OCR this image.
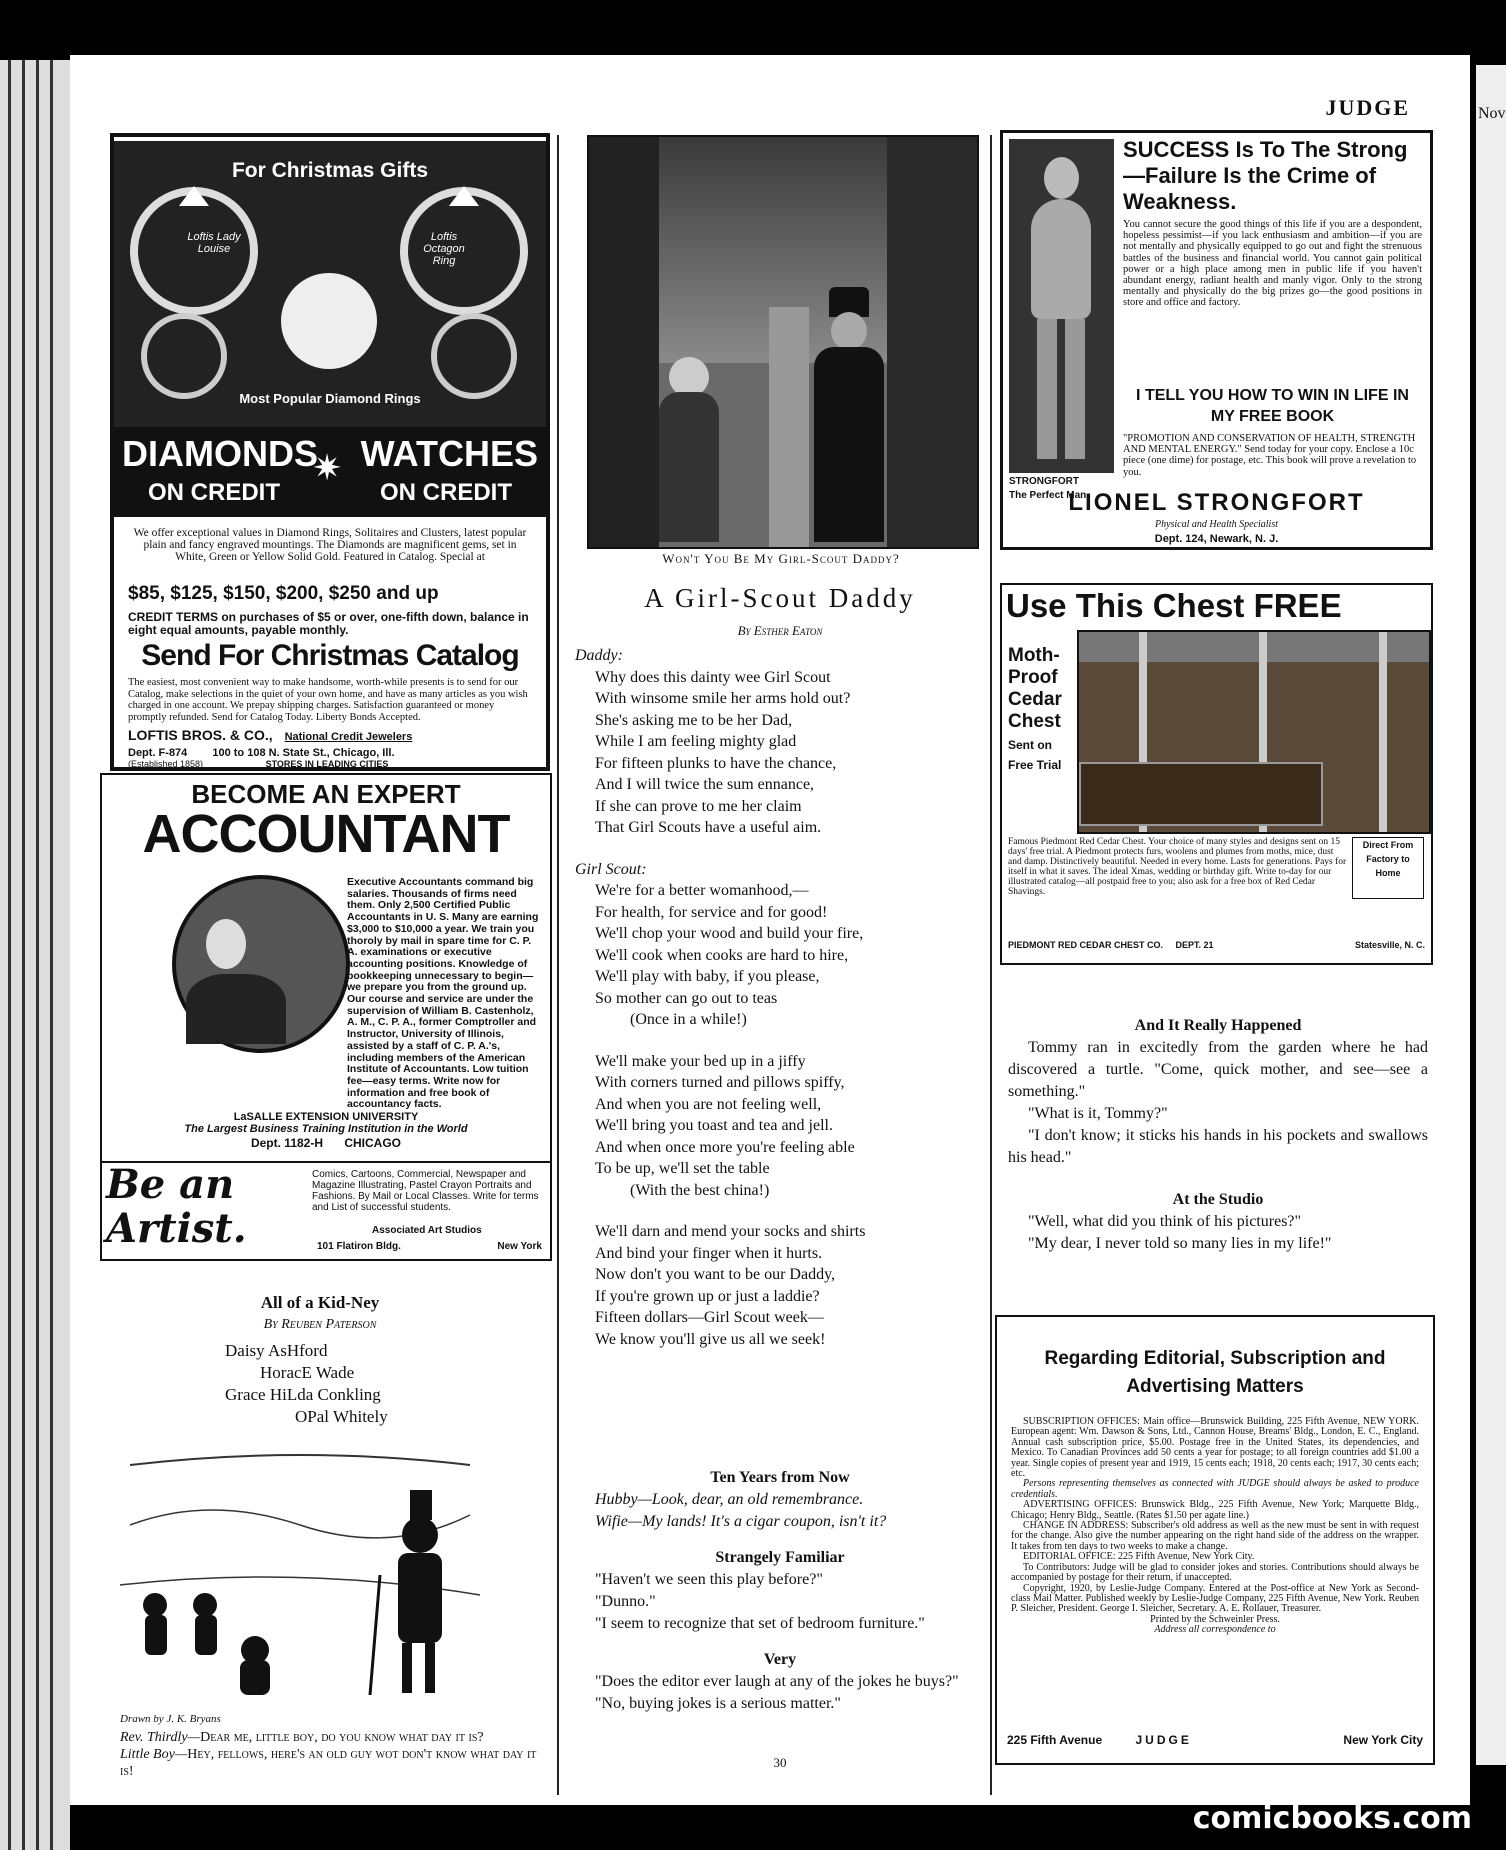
Nov
JUDGE
For Christmas Gifts
Loftis Lady Louise
Loftis Octagon Ring
Most Popular Diamond Rings
DIAMONDS WATCHES
✷
ON CREDIT	ON CREDIT
We offer exceptional values in Diamond Rings, Solitaires and Clusters, latest popular plain and fancy engraved mountings. The Diamonds are magnificent gems, set in White, Green or Yellow Solid Gold. Featured in Catalog. Special at
$85, $125, $150, $200, $250 and up
CREDIT TERMS on purchases of $5 or over, one-fifth down, balance in eight equal amounts, payable monthly.
Send For Christmas Catalog
The easiest, most convenient way to make handsome, worth-while presents is to send for our Catalog, make selections in the quiet of your own home, and have as many articles as you wish charged in one account. We prepay shipping charges. Satisfaction guaranteed or money promptly refunded. Send for Catalog Today. Liberty Bonds Accepted.
LOFTIS BROS. & CO., National Credit Jewelers
Dept. F-874 100 to 108 N. State St., Chicago, Ill.
(Established 1858)	STORES IN LEADING CITIES
BECOME AN EXPERT
ACCOUNTANT
Executive Accountants command big salaries. Thousands of firms need them. Only 2,500 Certified Public Accountants in U. S. Many are earning $3,000 to $10,000 a year. We train you thoroly by mail in spare time for C. P. A. examinations or executive accounting positions. Knowledge of bookkeeping unnecessary to begin—we prepare you from the ground up. Our course and service are under the supervision of William B. Castenholz, A. M., C. P. A., former Comptroller and Instructor, University of Illinois, assisted by a staff of C. P. A.'s, including members of the American Institute of Accountants. Low tuition fee—easy terms. Write now for information and free book of accountancy facts.
LaSALLE EXTENSION UNIVERSITY
The Largest Business Training Institution in the World
Dept. 1182-H CHICAGO
Be an Artist.
Comics, Cartoons, Commercial, Newspaper and Magazine Illustrating, Pastel Crayon Portraits and Fashions. By Mail or Local Classes. Write for terms and List of successful students.
Associated Art Studios
101 Flatiron Bldg.	New York
All of a Kid-Ney
By Reuben Paterson
Daisy AsHford
HoracE Wade
Grace HiLda Conkling
OPal Whitely
Drawn by J. K. Bryans

Rev. Thirdly—Dear me, little boy, do you know what day it is?

Little Boy—Hey, fellows, here's an old guy wot don't know what day it is!

Won't You Be My Girl-Scout Daddy?
A Girl-Scout Daddy
By Esther Eaton

Daddy:

Why does this dainty wee Girl Scout

With winsome smile her arms hold out?

She's asking me to be her Dad,

While I am feeling mighty glad

For fifteen plunks to have the chance,

And I will twice the sum ennance,

If she can prove to me her claim

That Girl Scouts have a useful aim.

Girl Scout:

We're for a better womanhood,—

For health, for service and for good!

We'll chop your wood and build your fire,

We'll cook when cooks are hard to hire,

We'll play with baby, if you please,

So mother can go out to teas

(Once in a while!)

We'll make your bed up in a jiffy

With corners turned and pillows spiffy,

And when you are not feeling well,

We'll bring you toast and tea and jell.

And when once more you're feeling able

To be up, we'll set the table

(With the best china!)

We'll darn and mend your socks and shirts

And bind your finger when it hurts.

Now don't you want to be our Daddy,

If you're grown up or just a laddie?

Fifteen dollars—Girl Scout week—

We know you'll give us all we seek!

Ten Years from Now

Hubby—Look, dear, an old remembrance.

Wifie—My lands! It's a cigar coupon, isn't it?

Strangely Familiar

"Haven't we seen this play before?"

"Dunno."

"I seem to recognize that set of bedroom furniture."

Very

"Does the editor ever laugh at any of the jokes he buys?"

"No, buying jokes is a serious matter."

30
STRONGFORT
The Perfect Man
SUCCESS Is To The Strong—Failure Is the Crime of Weakness.
You cannot secure the good things of this life if you are a despondent, hopeless pessimist—if you lack enthusiasm and ambition—if you are not mentally and physically equipped to go out and fight the strenuous battles of the business and financial world. You cannot gain political power or a high place among men in public life if you haven't abundant energy, radiant health and manly vigor. Only to the strong mentally and physically do the big prizes go—the good positions in store and office and factory.
I TELL YOU HOW TO WIN IN LIFE IN MY FREE BOOK
"PROMOTION AND CONSERVATION OF HEALTH, STRENGTH AND MENTAL ENERGY." Send today for your copy. Enclose a 10c piece (one dime) for postage, etc. This book will prove a revelation to you.
LIONEL STRONGFORT
Physical and Health Specialist
Dept. 124, Newark, N. J.
Use This Chest FREE
Moth-Proof Cedar Chest
Sent on Free Trial
Famous Piedmont Red Cedar Chest. Your choice of many styles and designs sent on 15 days' free trial. A Piedmont protects furs, woolens and plumes from moths, mice, dust and damp. Distinctively beautiful. Needed in every home. Lasts for generations. Pays for itself in what it saves. The ideal Xmas, wedding or birthday gift. Write to-day for our illustrated catalog—all postpaid free to you; also ask for a free box of Red Cedar Shavings.
Direct From Factory to Home
PIEDMONT RED CEDAR CHEST CO. DEPT. 21	Statesville, N. C.

And It Really Happened

Tommy ran in excitedly from the garden where he had discovered a turtle. "Come, quick mother, and see—see a something."

"What is it, Tommy?"

"I don't know; it sticks his hands in his pockets and swallows his head."

At the Studio

"Well, what did you think of his pictures?"

"My dear, I never told so many lies in my life!"

Regarding Editorial, Subscription and Advertising Matters

SUBSCRIPTION OFFICES: Main office—Brunswick Building, 225 Fifth Avenue, NEW YORK. European agent: Wm. Dawson & Sons, Ltd., Cannon House, Breams' Bldg., London, E. C., England. Annual cash subscription price, $5.00. Postage free in the United States, its dependencies, and Mexico. To Canadian Provinces add 50 cents a year for postage; to all foreign countries add $1.00 a year. Single copies of present year and 1919, 15 cents each; 1918, 20 cents each; 1917, 30 cents each; etc.

Persons representing themselves as connected with JUDGE should always be asked to produce credentials.

ADVERTISING OFFICES: Brunswick Bldg., 225 Fifth Avenue, New York; Marquette Bldg., Chicago; Henry Bldg., Seattle. (Rates $1.50 per agate line.)

CHANGE IN ADDRESS: Subscriber's old address as well as the new must be sent in with request for the change. Also give the number appearing on the right hand side of the address on the wrapper. It takes from ten days to two weeks to make a change.

EDITORIAL OFFICE: 225 Fifth Avenue, New York City.

To Contributors: Judge will be glad to consider jokes and stories. Contributions should always be accompanied by postage for their return, if unaccepted.

Copyright, 1920, by Leslie-Judge Company. Entered at the Post-office at New York as Second-class Mail Matter. Published weekly by Leslie-Judge Company, 225 Fifth Avenue, New York. Reuben P. Sleicher, President. George I. Sleicher, Secretary. A. E. Rollauer, Treasurer.

Printed by the Schweinler Press.

Address all correspondence to

225 Fifth Avenue	JUDGE	New York City
comicbooks.com
